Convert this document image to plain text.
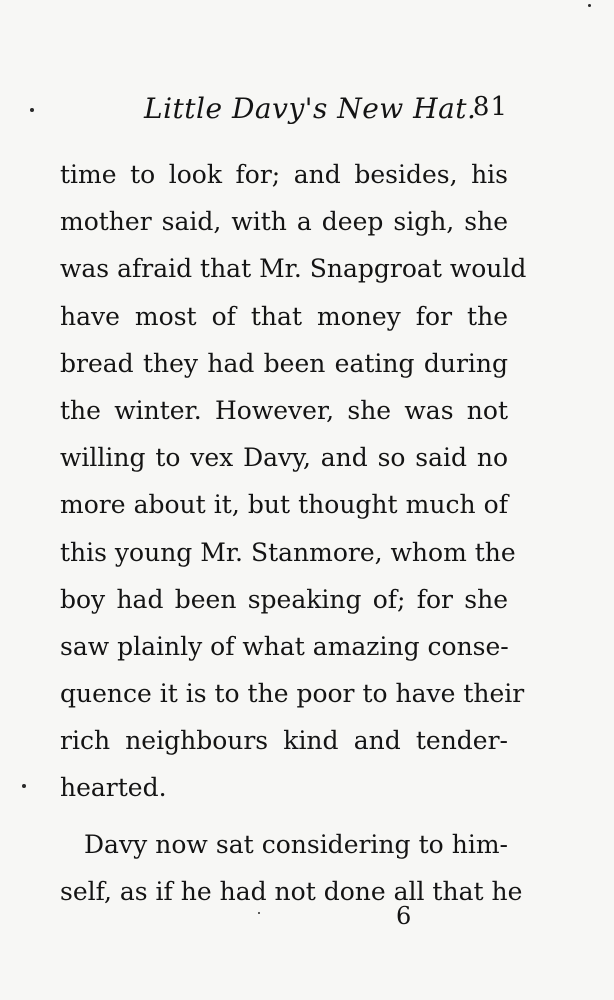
Little Davy's New Hat.
81
time to look for; and besides, his
mother said, with a deep sigh, she
was afraid that Mr. Snapgroat would
have most of that money for the
bread they had been eating during
the winter. However, she was not
willing to vex Davy, and so said no
more about it, but thought much of
this young Mr. Stanmore, whom the
boy had been speaking of; for she
saw plainly of what amazing conse-
quence it is to the poor to have their
rich neighbours kind and tender-
hearted.
Davy now sat considering to him-
self, as if he had not done all that he
6
